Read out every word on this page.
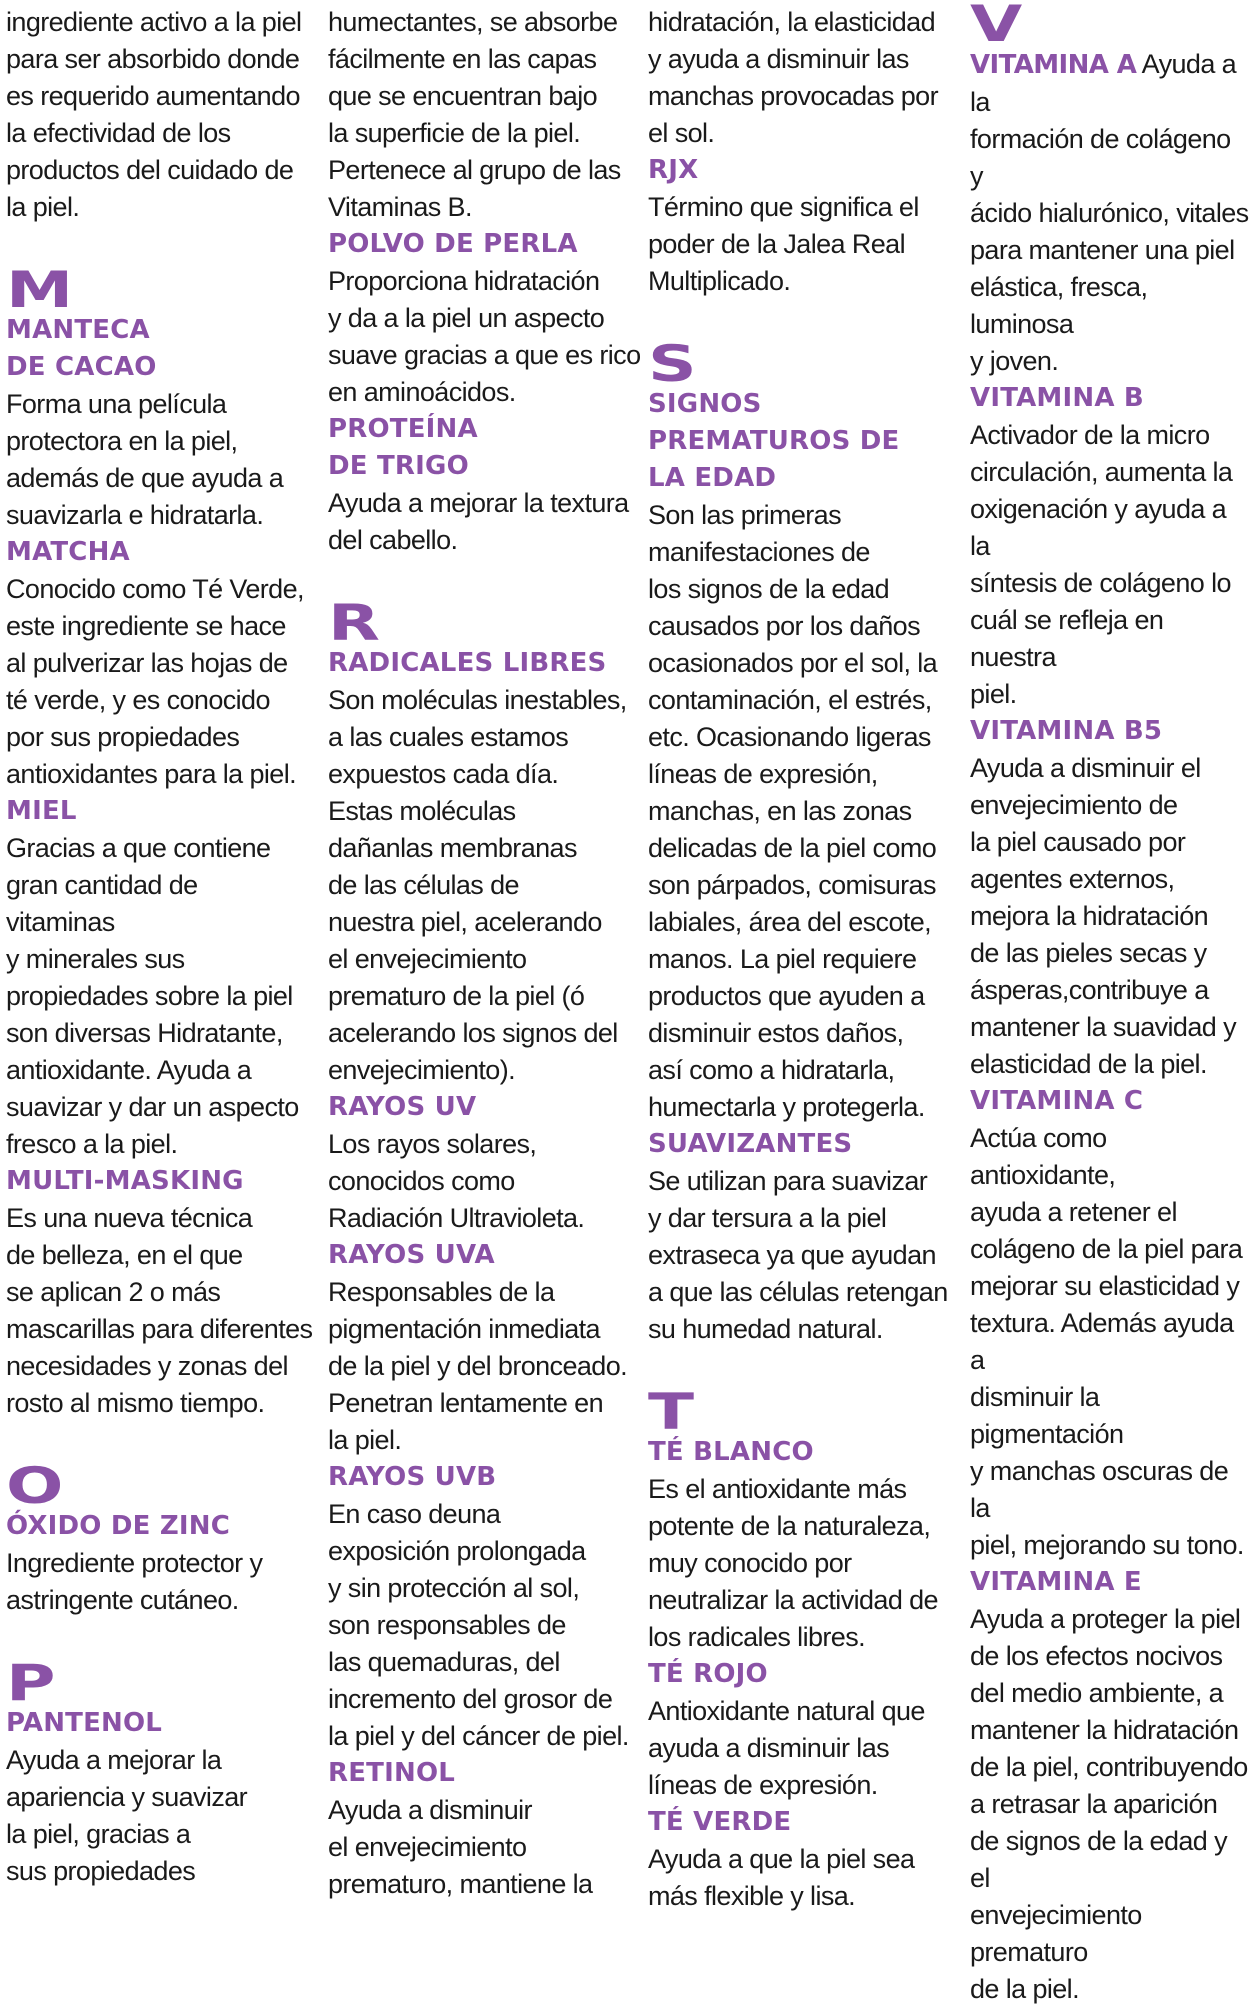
ingrediente activo a la piel
para ser absorbido donde
es requerido aumentando
la efectividad de los
productos del cuidado de
la piel.

M

MANTECA
DE CACAO

Forma una película
protectora en la piel,
además de que ayuda a
suavizarla e hidratarla.

MATCHA

Conocido como Té Verde,
este ingrediente se hace
al pulverizar las hojas de
té verde, y es conocido
por sus propiedades
antioxidantes para la piel.

MIEL

Gracias a que contiene
gran cantidad de
vitaminas
y minerales sus
propiedades sobre la piel
son diversas Hidratante,
antioxidante. Ayuda a
suavizar y dar un aspecto
fresco a la piel.

MULTI-MASKING

Es una nueva técnica
de belleza, en el que
se aplican 2 o más
mascarillas para diferentes
necesidades y zonas del
rosto al mismo tiempo.

O

ÓXIDO DE ZINC

Ingrediente protector y
astringente cutáneo.

P

PANTENOL

Ayuda a mejorar la
apariencia y suavizar
la piel, gracias a
sus propiedades

humectantes, se absorbe
fácilmente en las capas
que se encuentran bajo
la superficie de la piel.
Pertenece al grupo de las
Vitaminas B.

POLVO DE PERLA

Proporciona hidratación
y da a la piel un aspecto
suave gracias a que es rico
en aminoácidos.

PROTEÍNA
DE TRIGO

Ayuda a mejorar la textura
del cabello.

R

RADICALES LIBRES

Son moléculas inestables,
a las cuales estamos
expuestos cada día.
Estas moléculas
dañanlas membranas
de las células de
nuestra piel, acelerando
el envejecimiento
prematuro de la piel (ó
acelerando los signos del
envejecimiento).

RAYOS UV

Los rayos solares,
conocidos como
Radiación Ultravioleta.

RAYOS UVA

Responsables de la
pigmentación inmediata
de la piel y del bronceado.
Penetran lentamente en
la piel.

RAYOS UVB

En caso deuna
exposición prolongada
y sin protección al sol,
son responsables de
las quemaduras, del
incremento del grosor de
la piel y del cáncer de piel.

RETINOL

Ayuda a disminuir
el envejecimiento
prematuro, mantiene la

hidratación, la elasticidad
y ayuda a disminuir las
manchas provocadas por
el sol.

RJX

Término que significa el
poder de la Jalea Real
Multiplicado.

S

SIGNOS
PREMATUROS DE
LA EDAD

Son las primeras
manifestaciones de
los signos de la edad
causados por los daños
ocasionados por el sol, la
contaminación, el estrés,
etc. Ocasionando ligeras
líneas de expresión,
manchas, en las zonas
delicadas de la piel como
son párpados, comisuras
labiales, área del escote,
manos. La piel requiere
productos que ayuden a
disminuir estos daños,
así como a hidratarla,
humectarla y protegerla.

SUAVIZANTES

Se utilizan para suavizar
y dar tersura a la piel
extraseca ya que ayudan
a que las células retengan
su humedad natural.

T

TÉ BLANCO

Es el antioxidante más
potente de la naturaleza,
muy conocido por
neutralizar la actividad de
los radicales libres.

TÉ ROJO

Antioxidante natural que
ayuda a disminuir las
líneas de expresión.

TÉ VERDE

Ayuda a que la piel sea
más flexible y lisa.

V

VITAMINA A Ayuda a la
formación de colágeno y
ácido hialurónico, vitales
para mantener una piel
elástica, fresca, luminosa
y joven.

VITAMINA B

Activador de la micro
circulación, aumenta la
oxigenación y ayuda a la
síntesis de colágeno lo
cuál se refleja en nuestra
piel.

VITAMINA B5

Ayuda a disminuir el
envejecimiento de
la piel causado por
agentes externos,
mejora la hidratación
de las pieles secas y
ásperas,contribuye a
mantener la suavidad y
elasticidad de la piel.

VITAMINA C

Actúa como antioxidante,
ayuda a retener el
colágeno de la piel para
mejorar su elasticidad y
textura. Además ayuda a
disminuir la pigmentación
y manchas oscuras de la
piel, mejorando su tono.

VITAMINA E

Ayuda a proteger la piel
de los efectos nocivos
del medio ambiente, a
mantener la hidratación
de la piel, contribuyendo
a retrasar la aparición
de signos de la edad y el
envejecimiento prematuro
de la piel.
